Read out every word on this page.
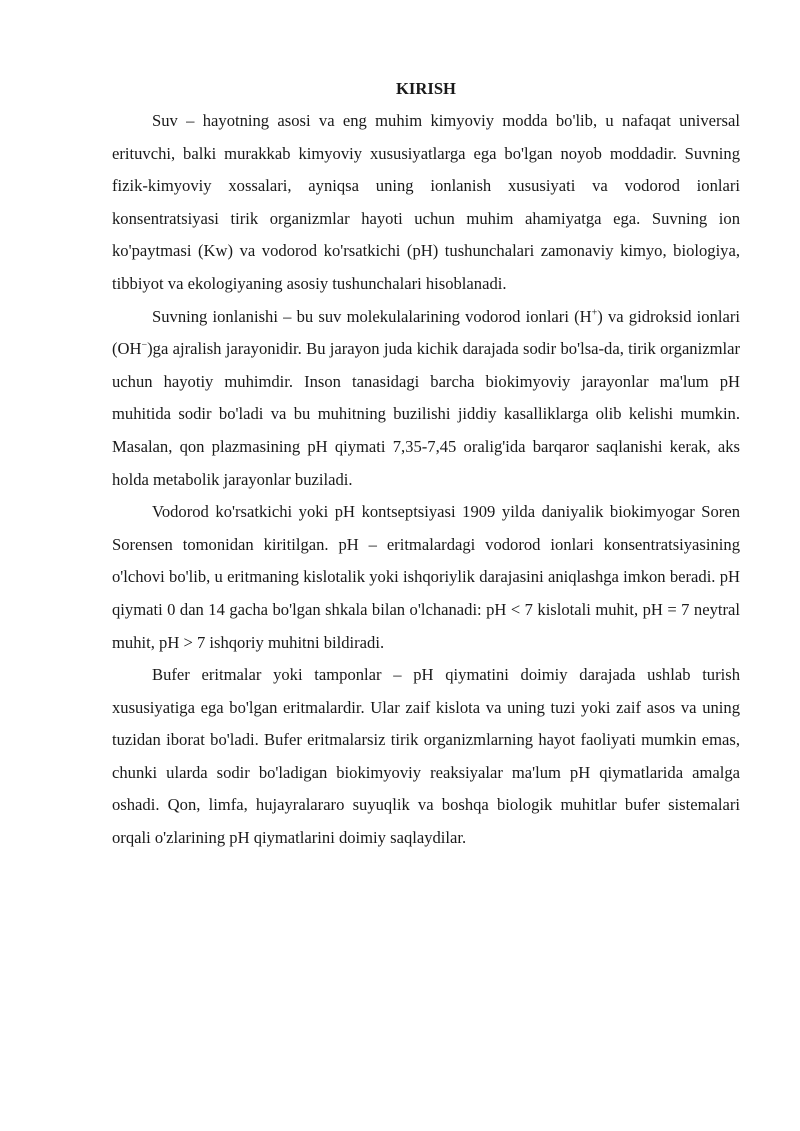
KIRISH

Suv – hayotning asosi va eng muhim kimyoviy modda bo'lib, u nafaqat universal erituvchi, balki murakkab kimyoviy xususiyatlarga ega bo'lgan noyob moddadir. Suvning fizik-kimyoviy xossalari, ayniqsa uning ionlanish xususiyati va vodorod ionlari konsentratsiyasi tirik organizmlar hayoti uchun muhim ahamiyatga ega. Suvning ion ko'paytmasi (Kw) va vodorod ko'rsatkichi (pH) tushunchalari zamonaviy kimyo, biologiya, tibbiyot va ekologiyaning asosiy tushunchalari hisoblanadi.

Suvning ionlanishi – bu suv molekulalarining vodorod ionlari (H+) va gidroksid ionlari (OH−)ga ajralish jarayonidir. Bu jarayon juda kichik darajada sodir bo'lsa-da, tirik organizmlar uchun hayotiy muhimdir. Inson tanasidagi barcha biokimyoviy jarayonlar ma'lum pH muhitida sodir bo'ladi va bu muhitning buzilishi jiddiy kasalliklarga olib kelishi mumkin. Masalan, qon plazmasining pH qiymati 7,35-7,45 oralig'ida barqaror saqlanishi kerak, aks holda metabolik jarayonlar buziladi.

Vodorod ko'rsatkichi yoki pH kontseptsiyasi 1909 yilda daniyalik biokimyogar Soren Sorensen tomonidan kiritilgan. pH – eritmalardagi vodorod ionlari konsentratsiyasining o'lchovi bo'lib, u eritmaning kislotalik yoki ishqoriylik darajasini aniqlashga imkon beradi. pH qiymati 0 dan 14 gacha bo'lgan shkala bilan o'lchanadi: pH < 7 kislotali muhit, pH = 7 neytral muhit, pH > 7 ishqoriy muhitni bildiradi.

Bufer eritmalar yoki tamponlar – pH qiymatini doimiy darajada ushlab turish xususiyatiga ega bo'lgan eritmalardir. Ular zaif kislota va uning tuzi yoki zaif asos va uning tuzidan iborat bo'ladi. Bufer eritmalarsiz tirik organizmlarning hayot faoliyati mumkin emas, chunki ularda sodir bo'ladigan biokimyoviy reaksiyalar ma'lum pH qiymatlarida amalga oshadi. Qon, limfa, hujayralararo suyuqlik va boshqa biologik muhitlar bufer sistemalari orqali o'zlarining pH qiymatlarini doimiy saqlaydilar.
